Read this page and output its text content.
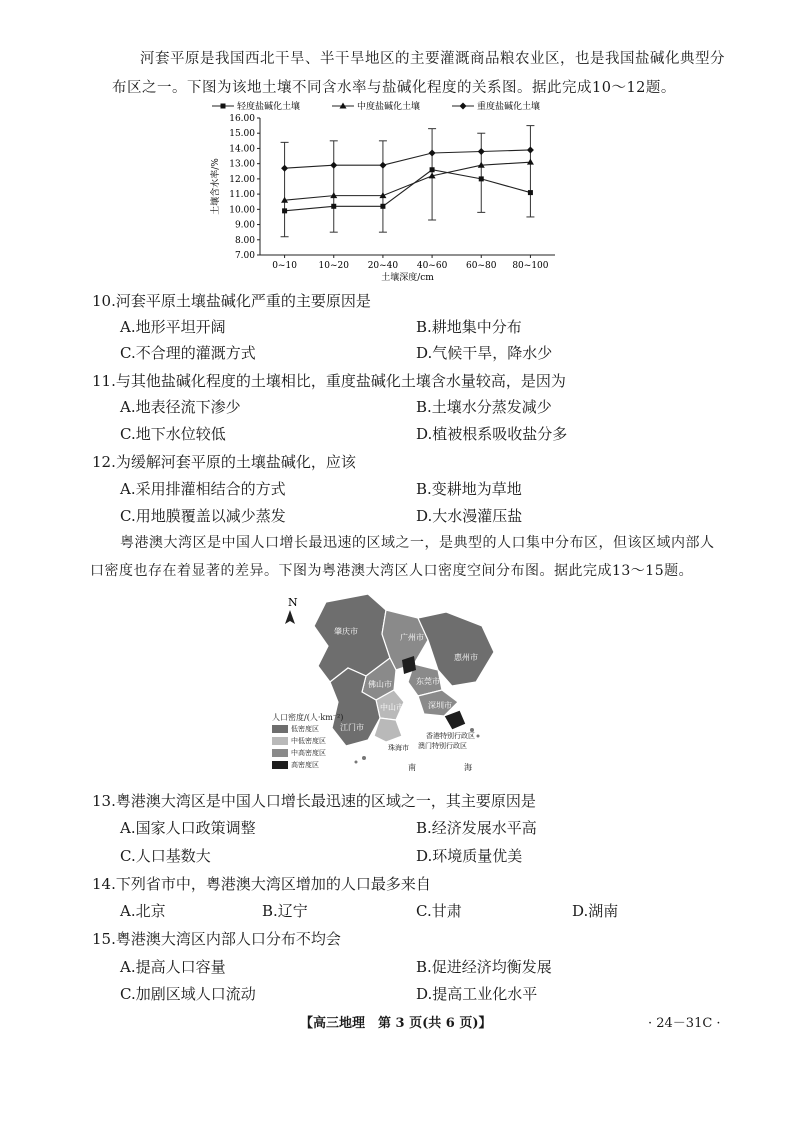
河套平原是我国西北干旱、半干旱地区的主要灌溉商品粮农业区，也是我国盐碱化典型分
布区之一。下图为该地土壤不同含水率与盐碱化程度的关系图。据此完成10～12题。
轻度盐碱化土壤	中度盐碱化土壤	重度盐碱化土壤
7.00
8.00
9.00
10.00
11.00
12.00
13.00
14.00
15.00
16.00
0~10 10~20 20~40 40~60 60~80 80~100
土壤深度/cm
土壤含水率/%
10.河套平原土壤盐碱化严重的主要原因是
A.地形平坦开阔	B.耕地集中分布
C.不合理的灌溉方式	D.气候干旱，降水少
11.与其他盐碱化程度的土壤相比，重度盐碱化土壤含水量较高，是因为
A.地表径流下渗少	B.土壤水分蒸发减少
C.地下水位较低	D.植被根系吸收盐分多
12.为缓解河套平原的土壤盐碱化，应该
A.采用排灌相结合的方式	B.变耕地为草地
C.用地膜覆盖以减少蒸发	D.大水漫灌压盐
粤港澳大湾区是中国人口增长最迅速的区域之一，是典型的人口集中分布区，但该区域内部人
口密度也存在着显著的差异。下图为粤港澳大湾区人口密度空间分布图。据此完成13～15题。
N
肇庆市
广州市
佛山市	东莞市
惠州市
中山市	深圳市
江门市
珠海市
香港特别行政区
澳门特别行政区
南	海
人口密度/(人·km⁻²)
低密度区
中低密度区
中高密度区
高密度区
13.粤港澳大湾区是中国人口增长最迅速的区域之一，其主要原因是
A.国家人口政策调整	B.经济发展水平高
C.人口基数大	D.环境质量优美
14.下列省市中，粤港澳大湾区增加的人口最多来自
A.北京	B.辽宁	C.甘肃	D.湖南
15.粤港澳大湾区内部人口分布不均会
A.提高人口容量	B.促进经济均衡发展
C.加剧区域人口流动	D.提高工业化水平
【高三地理　第 3 页(共 6 页)】	· 24－31C ·
